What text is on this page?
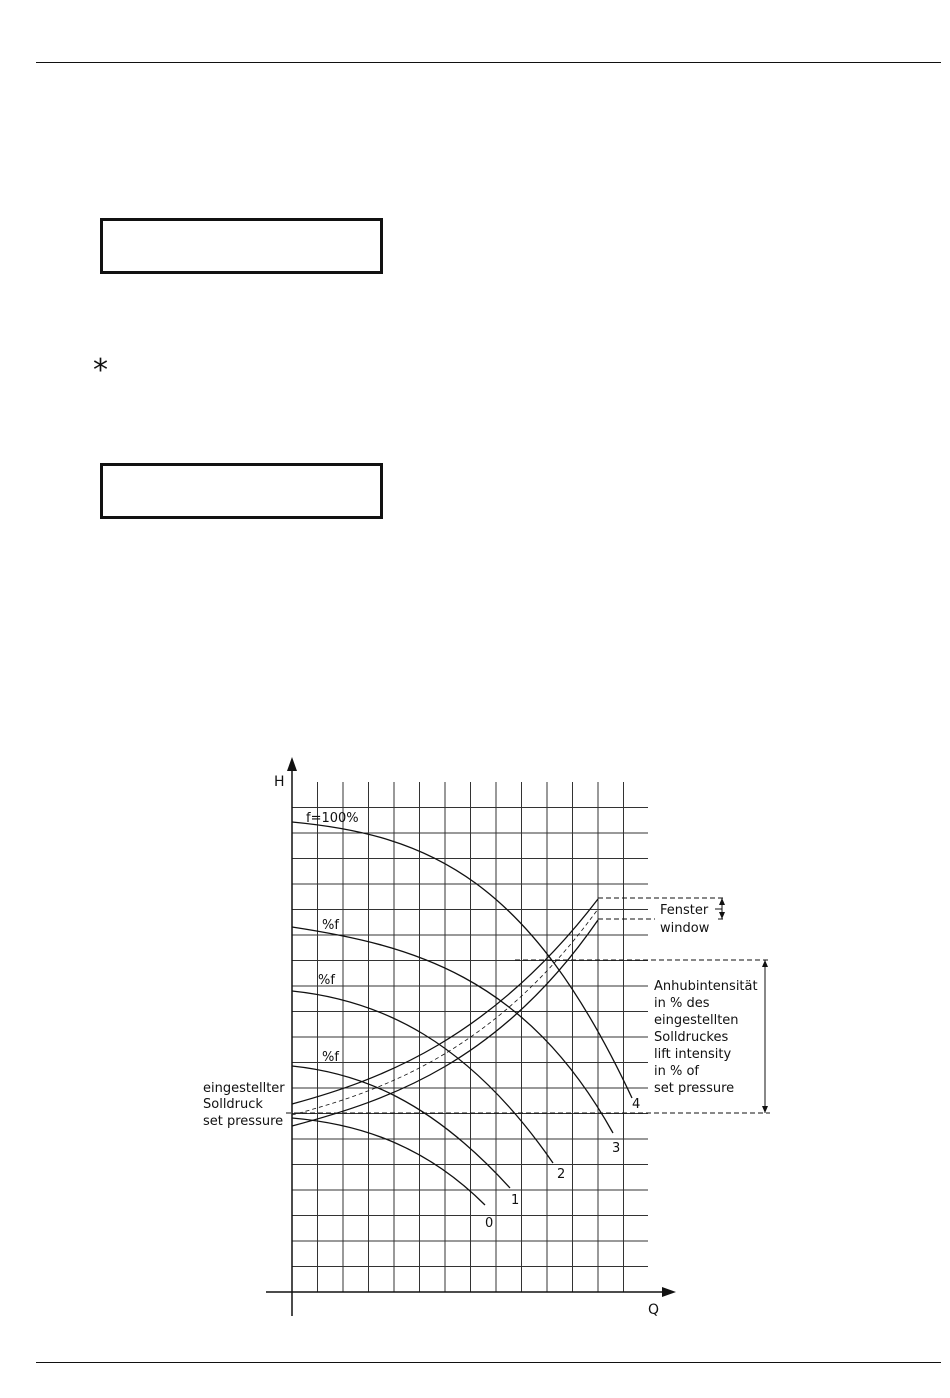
*
H
Q
f=100%
%f
%f
%f
0
1
2
3
4
eingestellter
Solldruck
set pressure
Fenster
window
Anhubintensität
in % des
eingestellten
Solldruckes
lift intensity
in % of
set pressure
